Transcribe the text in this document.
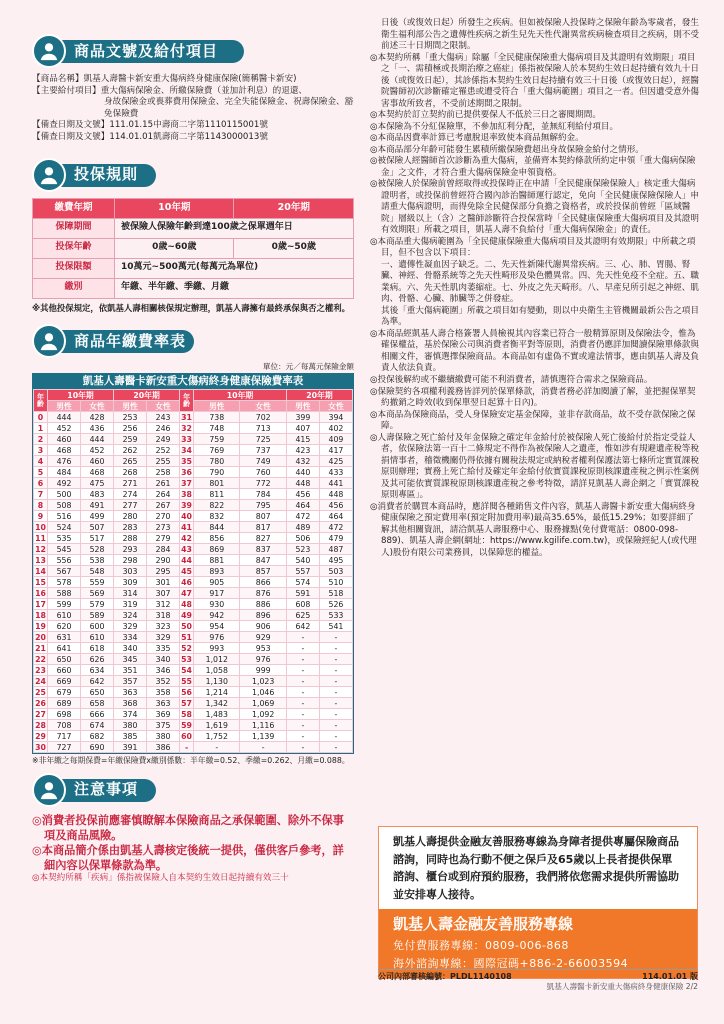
商品文號及給付項目

【商品名稱】凱基人壽醫卡新安重大傷病終身健康保險(簡稱醫卡新安)

【主要給付項目】重大傷病保險金、所繳保險費（並加計利息）的退還、

身故保險金或喪葬費用保險金、完全失能保險金、祝壽保險金、豁免保險費

【備查日期及文號】111.01.15中壽商二字第1110115001號

【備查日期及文號】114.01.01凱壽商二字第1143000013號

投保規則
繳費年期	10年期	20年期
保障期間	被保險人保險年齡到達100歲之保單週年日	
投保年齡	0歲~60歲	0歲~50歲
投保限額	10萬元~500萬元(每萬元為單位)	
繳別	年繳、半年繳、季繳、月繳	

※其他投保規定，依凱基人壽相關核保規定辦理，凱基人壽擁有最終承保與否之權利。

商品年繳費率表
單位：元／每萬元保險金額
凱基人壽醫卡新安重大傷病終身健康保險費率表
年齡	10年期		20年期		年齡	10年期		20年期	
	男性	女性	男性	女性		男性	女性	男性	女性
0	444	428	253	243	31	738	702	399	394
1	452	436	256	246	32	748	713	407	402
2	460	444	259	249	33	759	725	415	409
3	468	452	262	252	34	769	737	423	417
4	476	460	265	255	35	780	749	432	425
5	484	468	268	258	36	790	760	440	433
6	492	475	271	261	37	801	772	448	441
7	500	483	274	264	38	811	784	456	448
8	508	491	277	267	39	822	795	464	456
9	516	499	280	270	40	832	807	472	464
10	524	507	283	273	41	844	817	489	472
11	535	517	288	279	42	856	827	506	479
12	545	528	293	284	43	869	837	523	487
13	556	538	298	290	44	881	847	540	495
14	567	548	303	295	45	893	857	557	503
15	578	559	309	301	46	905	866	574	510
16	588	569	314	307	47	917	876	591	518
17	599	579	319	312	48	930	886	608	526
18	610	589	324	318	49	942	896	625	533
19	620	600	329	323	50	954	906	642	541
20	631	610	334	329	51	976	929	-	-
21	641	618	340	335	52	993	953	-	-
22	650	626	345	340	53	1,012	976	-	-
23	660	634	351	346	54	1,058	999	-	-
24	669	642	357	352	55	1,130	1,023	-	-
25	679	650	363	358	56	1,214	1,046	-	-
26	689	658	368	363	57	1,342	1,069	-	-
27	698	666	374	369	58	1,483	1,092	-	-
28	708	674	380	375	59	1,619	1,116	-	-
29	717	682	385	380	60	1,752	1,139	-	-
30	727	690	391	386	-	-	-	-	-

※非年繳之每期保費=年繳保險費x繳別係數：半年繳=0.52、季繳=0.262、月繳=0.088。

注意事項

◎消費者投保前應審慎瞭解本保險商品之承保範圍、除外不保事項及商品風險。

◎本商品簡介係由凱基人壽核定後統一提供，僅供客戶參考，詳細內容以保單條款為準。

◎本契約所稱「疾病」係指被保險人自本契約生效日起持續有效三十

日後（或復效日起）所發生之疾病。但如被保險人投保時之保險年齡為零歲者，發生衛生福利部公告之遺傳性疾病之新生兒先天性代謝異常疾病檢查項目之疾病，則不受前述三十日期間之限制。

◎本契約所稱「重大傷病」除屬「全民健康保險重大傷病項目及其證明有效期限」項目之「一、需積極或長期治療之癌症」係指被保險人於本契約生效日起持續有效九十日後（或復效日起），其診係指本契約生效日起持續有效三十日後（或復效日起），經醫院醫師初次診斷確定罹患或遭受符合「重大傷病範圍」項目之一者。但因遺受意外傷害事故所致者，不受前述期間之限制。

◎本契約於訂立契約前已提供要保人不低於三日之審閱期間。

◎本保險為不分紅保險單，不參加紅利分配，並無紅利給付項目。

◎本商品因費率計算已考慮脫退率致使本商品無解約金。

◎本商品部分年齡可能發生累積所繳保險費超出身故保險金給付之情形。

◎被保險人經醫師首次診斷為重大傷病，並備齊本契約條款所約定申領「重大傷病保險金」之文件，才符合重大傷病保險金申領資格。

◎被保險人於保險前曾經取得或投保時正在申請「全民健康保險保險人」核定重大傷病證明者，或投保前曾經符合國內診治醫師運行認定，免向「全民健康保險保險人」申請重大傷病證明，而得免除全民健保部分負擔之資格者，或於投保前曾經「區域醫院」層級以上（含）之醫師診斷符合投保當時「全民健康保險重大傷病項目及其證明有效期限」所載之項目，凱基人壽不負給付「重大傷病保險金」的責任。

◎本商品重大傷病範圍為「全民健康保險重大傷病項目及其證明有效期限」中所載之項目，但不包含以下項目：

一、遺傳性凝血因子缺乏。二、先天性新陳代謝異常疾病。三、心、肺、胃腸、腎臟、神經、骨骼系統等之先天性畸形及染色體異常。四、先天性免疫不全症。五、職業病。六、先天性肌肉萎縮症。七、外皮之先天畸形。八、早產兒所引起之神經、肌肉、骨骼、心臟、肺臟等之併發症。

其後「重大傷病範圍」所載之項目如有變動，則以中央衛生主管機關最新公告之項目為準。

◎本商品經凱基人壽合格簽署人員檢視其內容業已符合一般精算原則及保險法令，惟為確保權益，基於保險公司與消費者衡平對等原則，消費者仍應詳加閱讀保險單條款與相關文件，審慎選擇保險商品。本商品如有虛偽不實或違法情事，應由凱基人壽及負責人依法負責。

◎投保後解約或不繼續繳費可能不利消費者，請慎選符合需求之保險商品。

◎保險契約各項權利義務皆詳列於保單條款，消費者務必詳加閱讀了解，並把握保單契約撤銷之時效(收到保單翌日起算十日內)。

◎本商品為保險商品，受人身保險安定基金保障，並非存款商品，故不受存款保險之保障。

◎人壽保險之死亡給付及年金保險之確定年金給付於被保險人死亡後給付於指定受益人者，依保險法第一百十二條規定不得作為被保險人之遺產，惟如涉有規避遺產稅等稅捐情事者，稽徵機關仍得依據有關稅法規定或納稅者權利保護法第七條所定實質課稅原則辦理；實務上死亡給付及確定年金給付依實質課稅原則核課遺產稅之例示性案例及其可能依實質課稅原則核課遺產稅之參考特徵，請詳見凱基人壽企網之「實質課稅原則專區」。

◎消費者於購買本商品時，應詳閱各種銷售文件內容，凱基人壽醫卡新安重大傷病終身健康保險之預定費用率(預定附加費用率)最高35.65%，最低15.29%；如要詳細了解其他相關資訊，請洽凱基人壽服務中心、服務據點(免付費電話：0800-098- 889)、凱基人壽企網(網址：https://www.kgilife.com.tw)，或保險經紀人(或代理人)股份有限公司業務員，以保障您的權益。

凱基人壽提供金融友善服務專線為身障者提供專屬保險商品諮詢，同時也為行動不便之保戶及65歲以上長者提供保單諮詢、櫃台或到府預約服務，我們將依您需求提供所需協助並安排專人接待。
凱基人壽金融友善服務專線

免付費服務專線：0809-006-868

海外諮詢專線：國際冠碼+886-2-66003594

公司內部審核編號：PLDL1140108	114.01.01 版
凱基人壽醫卡新安重大傷病終身健康保險 2/2
